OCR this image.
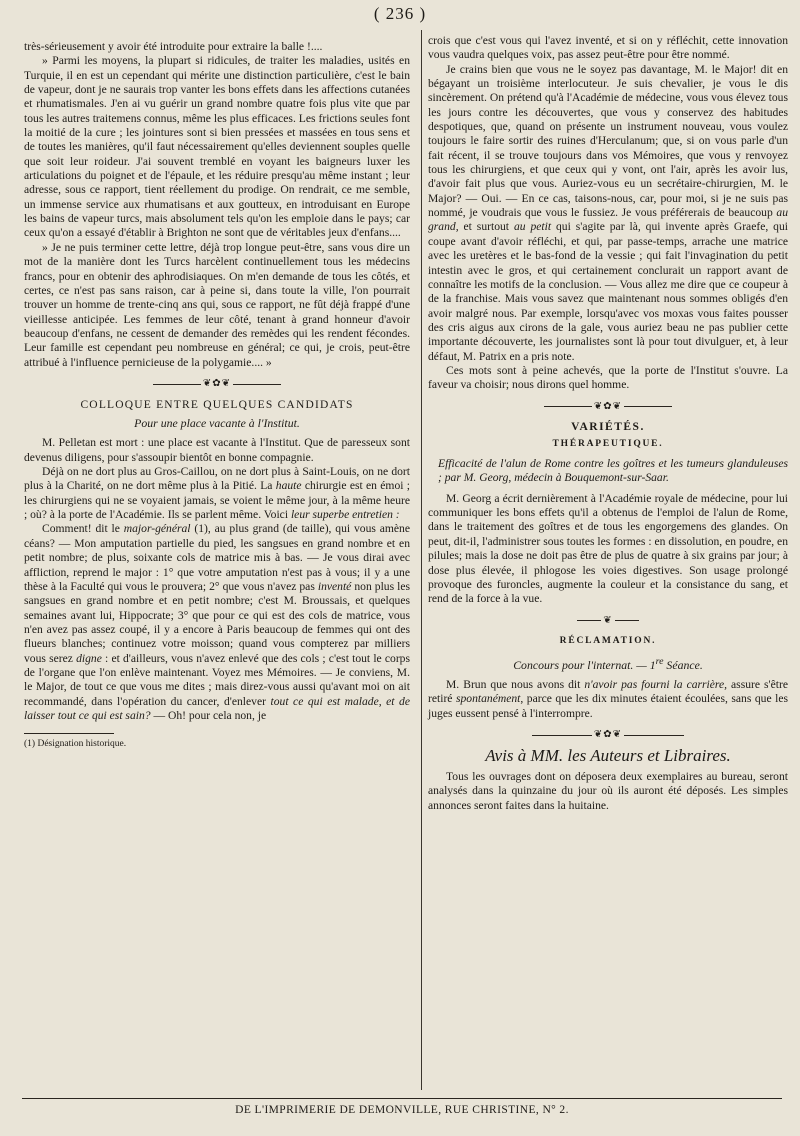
( 236 )

très-sérieusement y avoir été introduite pour extraire la balle !....

» Parmi les moyens, la plupart si ridicules, de traiter les maladies, usités en Turquie, il en est un cependant qui mérite une distinction particulière, c'est le bain de vapeur, dont je ne saurais trop vanter les bons effets dans les affections cutanées et rhumatismales. J'en ai vu guérir un grand nombre quatre fois plus vite que par tous les autres traitemens connus, même les plus efficaces. Les frictions seules font la moitié de la cure ; les jointures sont si bien pressées et massées en tous sens et de toutes les manières, qu'il faut nécessairement qu'elles deviennent souples quelle que soit leur roideur. J'ai souvent tremblé en voyant les baigneurs luxer les articulations du poignet et de l'épaule, et les réduire presqu'au même instant ; leur adresse, sous ce rapport, tient réellement du prodige. On rendrait, ce me semble, un immense service aux rhumatisans et aux goutteux, en introduisant en Europe les bains de vapeur turcs, mais absolument tels qu'on les emploie dans le pays; car ceux qu'on a essayé d'établir à Brighton ne sont que de véritables jeux d'enfans....

» Je ne puis terminer cette lettre, déjà trop longue peut-être, sans vous dire un mot de la manière dont les Turcs harcèlent continuellement tous les médecins francs, pour en obtenir des aphrodisiaques. On m'en demande de tous les côtés, et certes, ce n'est pas sans raison, car à peine si, dans toute la ville, l'on pourrait trouver un homme de trente-cinq ans qui, sous ce rapport, ne fût déjà frappé d'une vieillesse anticipée. Les femmes de leur côté, tenant à grand honneur d'avoir beaucoup d'enfans, ne cessent de demander des remèdes qui les rendent fécondes. Leur famille est cependant peu nombreuse en général; ce qui, je crois, peut-être attribué à l'influence pernicieuse de la polygamie.... »

❦✿❦
COLLOQUE ENTRE QUELQUES CANDIDATS
Pour une place vacante à l'Institut.

M. Pelletan est mort : une place est vacante à l'Institut. Que de paresseux sont devenus diligens, pour s'assoupir bientôt en bonne compagnie.

Déjà on ne dort plus au Gros-Caillou, on ne dort plus à Saint-Louis, on ne dort plus à la Charité, on ne dort même plus à la Pitié. La haute chirurgie est en émoi ; les chirurgiens qui ne se voyaient jamais, se voient le même jour, à la même heure ; où? à la porte de l'Académie. Ils se parlent même. Voici leur superbe entretien :

Comment! dit le major-général (1), au plus grand (de taille), qui vous amène céans? — Mon amputation partielle du pied, les sangsues en grand nombre et en petit nombre; de plus, soixante cols de matrice mis à bas. — Je vous dirai avec affliction, reprend le major : 1° que votre amputation n'est pas à vous; il y a une thèse à la Faculté qui vous le prouvera; 2° que vous n'avez pas inventé non plus les sangsues en grand nombre et en petit nombre; c'est M. Broussais, et quelques semaines avant lui, Hippocrate; 3° que pour ce qui est des cols de matrice, vous n'en avez pas assez coupé, il y a encore à Paris beaucoup de femmes qui ont des flueurs blanches; continuez votre moisson; quand vous compterez par milliers vous serez digne : et d'ailleurs, vous n'avez enlevé que des cols ; c'est tout le corps de l'organe que l'on enlève maintenant. Voyez mes Mémoires. — Je conviens, M. le Major, de tout ce que vous me dites ; mais direz-vous aussi qu'avant moi on ait recommandé, dans l'opération du cancer, d'enlever tout ce qui est malade, et de laisser tout ce qui est sain? — Oh! pour cela non, je

(1) Désignation historique.

crois que c'est vous qui l'avez inventé, et si on y réfléchit, cette innovation vous vaudra quelques voix, pas assez peut-être pour être nommé.

Je crains bien que vous ne le soyez pas davantage, M. le Major! dit en bégayant un troisième interlocuteur. Je suis chevalier, je vous le dis sincèrement. On prétend qu'à l'Académie de médecine, vous vous élevez tous les jours contre les découvertes, que vous y conservez des habitudes despotiques, que, quand on présente un instrument nouveau, vous voulez toujours le faire sortir des ruines d'Herculanum; que, si on vous parle d'un fait récent, il se trouve toujours dans vos Mémoires, que vous y renvoyez tous les chirurgiens, et que ceux qui y vont, ont l'air, après les avoir lus, d'avoir fait plus que vous. Auriez-vous eu un secrétaire-chirurgien, M. le Major? — Oui. — En ce cas, taisons-nous, car, pour moi, si je ne suis pas nommé, je voudrais que vous le fussiez. Je vous préférerais de beaucoup au grand, et surtout au petit qui s'agite par là, qui invente après Graefe, qui coupe avant d'avoir réfléchi, et qui, par passe-temps, arrache une matrice avec les uretères et le bas-fond de la vessie ; qui fait l'invagination du petit intestin avec le gros, et qui certainement conclurait un rapport avant de connaître les motifs de la conclusion. — Vous allez me dire que ce coupeur à de la franchise. Mais vous savez que maintenant nous sommes obligés d'en avoir malgré nous. Par exemple, lorsqu'avec vos moxas vous faites pousser des cris aigus aux cirons de la gale, vous auriez beau ne pas publier cette importante découverte, les journalistes sont là pour tout divulguer, et, à leur défaut, M. Patrix en a pris note.

Ces mots sont à peine achevés, que la porte de l'Institut s'ouvre. La faveur va choisir; nous dirons quel homme.

❦✿❦
VARIÉTÉS.
THÉRAPEUTIQUE.

Efficacité de l'alun de Rome contre les goîtres et les tumeurs glanduleuses ; par M. Georg, médecin à Bouquemont-sur-Saar.

M. Georg a écrit dernièrement à l'Académie royale de médecine, pour lui communiquer les bons effets qu'il a obtenus de l'emploi de l'alun de Rome, dans le traitement des goîtres et de tous les engorgemens des glandes. On peut, dit-il, l'administrer sous toutes les formes : en dissolution, en poudre, en pilules; mais la dose ne doit pas être de plus de quatre à six grains par jour; à dose plus élevée, il phlogose les voies digestives. Son usage prolongé provoque des furoncles, augmente la couleur et la consistance du sang, et rend de la force à la vue.

❦
RÉCLAMATION.
Concours pour l'internat. — 1re Séance.

M. Brun que nous avons dit n'avoir pas fourni la carrière, assure s'être retiré spontanément, parce que les dix minutes étaient écoulées, sans que les juges eussent pensé à l'interrompre.

❦✿❦
Avis à MM. les Auteurs et Libraires.

Tous les ouvrages dont on déposera deux exemplaires au bureau, seront analysés dans la quinzaine du jour où ils auront été déposés. Les simples annonces seront faites dans la huitaine.

DE L'IMPRIMERIE DE DEMONVILLE, RUE CHRISTINE, N° 2.
